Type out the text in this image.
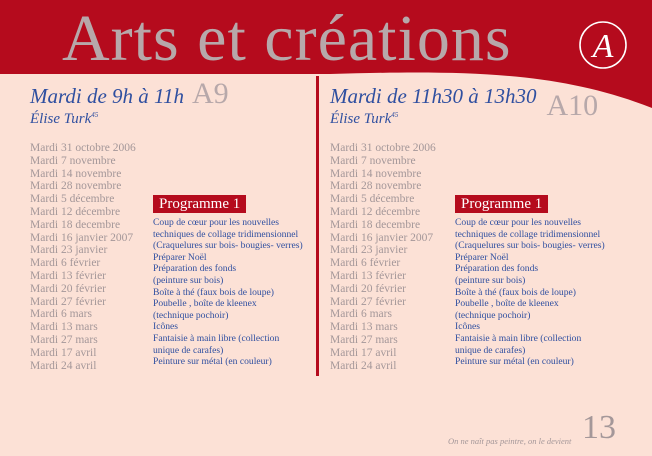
Arts et créations A
Mardi de 9h à 11h A9
Élise Turk$^{45}$
Mardi 31 octobre 2006
Mardi 7 novembre
Mardi 14 novembre
Mardi 28 novembre
Mardi 5 décembre
Mardi 12 décembre
Mardi 18 decembre
Mardi 16 janvier 2007
Mardi 23 janvier
Mardi 6 février
Mardi 13 février
Mardi 20 février
Mardi 27 février
Mardi 6 mars
Mardi 13 mars
Mardi 27 mars
Mardi 17 avril
Mardi 24 avril
Programme 1
Coup de cœur pour les nouvelles
techniques de collage tridimensionnel
(Craquelures sur bois- bougies- verres)
Préparer Noël
Préparation des fonds
(peinture sur bois)
Boîte à thé (faux bois de loupe)
Poubelle , boîte de kleenex
(technique pochoir)
Icônes
Fantaisie à main libre (collection
unique de carafes)
Peinture sur métal (en couleur)
Mardi de 11h30 à 13h30 A10
Élise Turk$^{45}$
Mardi 31 octobre 2006
Mardi 7 novembre
Mardi 14 novembre
Mardi 28 novembre
Mardi 5 décembre
Mardi 12 décembre
Mardi 18 decembre
Mardi 16 janvier 2007
Mardi 23 janvier
Mardi 6 février
Mardi 13 février
Mardi 20 février
Mardi 27 février
Mardi 6 mars
Mardi 13 mars
Mardi 27 mars
Mardi 17 avril
Mardi 24 avril
Programme 1
Coup de cœur pour les nouvelles
techniques de collage tridimensionnel
(Craquelures sur bois- bougies- verres)
Préparer Noël
Préparation des fonds
(peinture sur bois)
Boîte à thé (faux bois de loupe)
Poubelle , boîte de kleenex
(technique pochoir)
Icônes
Fantaisie à main libre (collection
unique de carafes)
Peinture sur métal (en couleur)
On ne naît pas peintre, on le devient 13
